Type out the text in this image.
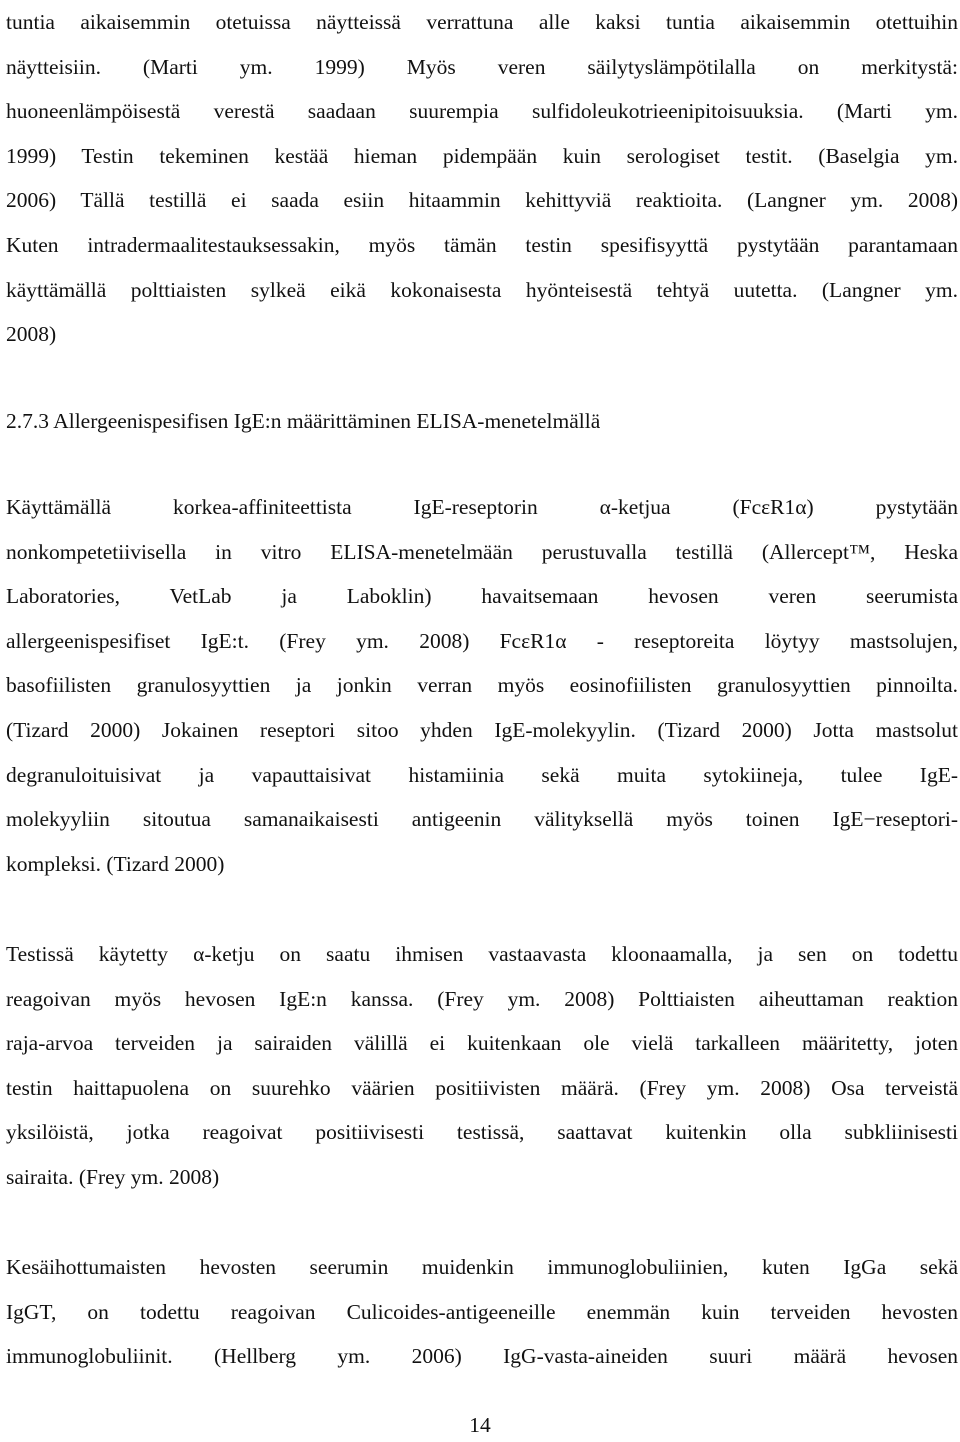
tuntia aikaisemmin otetuissa näytteissä verrattuna alle kaksi tuntia aikaisemmin otettuihin
näytteisiin. (Marti ym. 1999) Myös veren säilytyslämpötilalla on merkitystä:
huoneenlämpöisestä verestä saadaan suurempia sulfidoleukotrieenipitoisuuksia. (Marti ym.
1999) Testin tekeminen kestää hieman pidempään kuin serologiset testit. (Baselgia ym.
2006) Tällä testillä ei saada esiin hitaammin kehittyviä reaktioita. (Langner ym. 2008)
Kuten intradermaalitestauksessakin, myös tämän testin spesifisyyttä pystytään parantamaan
käyttämällä polttiaisten sylkeä eikä kokonaisesta hyönteisestä tehtyä uutetta. (Langner ym.
2008)
2.7.3 Allergeenispesifisen IgE:n määrittäminen ELISA-menetelmällä
Käyttämällä korkea-affiniteettista IgE-reseptorin α-ketjua (FcεR1α) pystytään
nonkompetetiivisella in vitro ELISA-menetelmään perustuvalla testillä (Allercept™, Heska
Laboratories, VetLab ja Laboklin) havaitsemaan hevosen veren seerumista
allergeenispesifiset IgE:t. (Frey ym. 2008) FcεR1α - reseptoreita löytyy mastsolujen,
basofiilisten granulosyyttien ja jonkin verran myös eosinofiilisten granulosyyttien pinnoilta.
(Tizard 2000) Jokainen reseptori sitoo yhden IgE-molekyylin. (Tizard 2000) Jotta mastsolut
degranuloituisivat ja vapauttaisivat histamiinia sekä muita sytokiineja, tulee IgE-
molekyyliin sitoutua samanaikaisesti antigeenin välityksellä myös toinen IgE−reseptori-
kompleksi. (Tizard 2000)
Testissä käytetty α-ketju on saatu ihmisen vastaavasta kloonaamalla, ja sen on todettu
reagoivan myös hevosen IgE:n kanssa. (Frey ym. 2008) Polttiaisten aiheuttaman reaktion
raja-arvoa terveiden ja sairaiden välillä ei kuitenkaan ole vielä tarkalleen määritetty, joten
testin haittapuolena on suurehko väärien positiivisten määrä. (Frey ym. 2008) Osa terveistä
yksilöistä, jotka reagoivat positiivisesti testissä, saattavat kuitenkin olla subkliinisesti
sairaita. (Frey ym. 2008)
Kesäihottumaisten hevosten seerumin muidenkin immunoglobuliinien, kuten IgGa sekä
IgGT, on todettu reagoivan Culicoides-antigeeneille enemmän kuin terveiden hevosten
immunoglobuliinit. (Hellberg ym. 2006) IgG-vasta-aineiden suuri määrä hevosen
14
